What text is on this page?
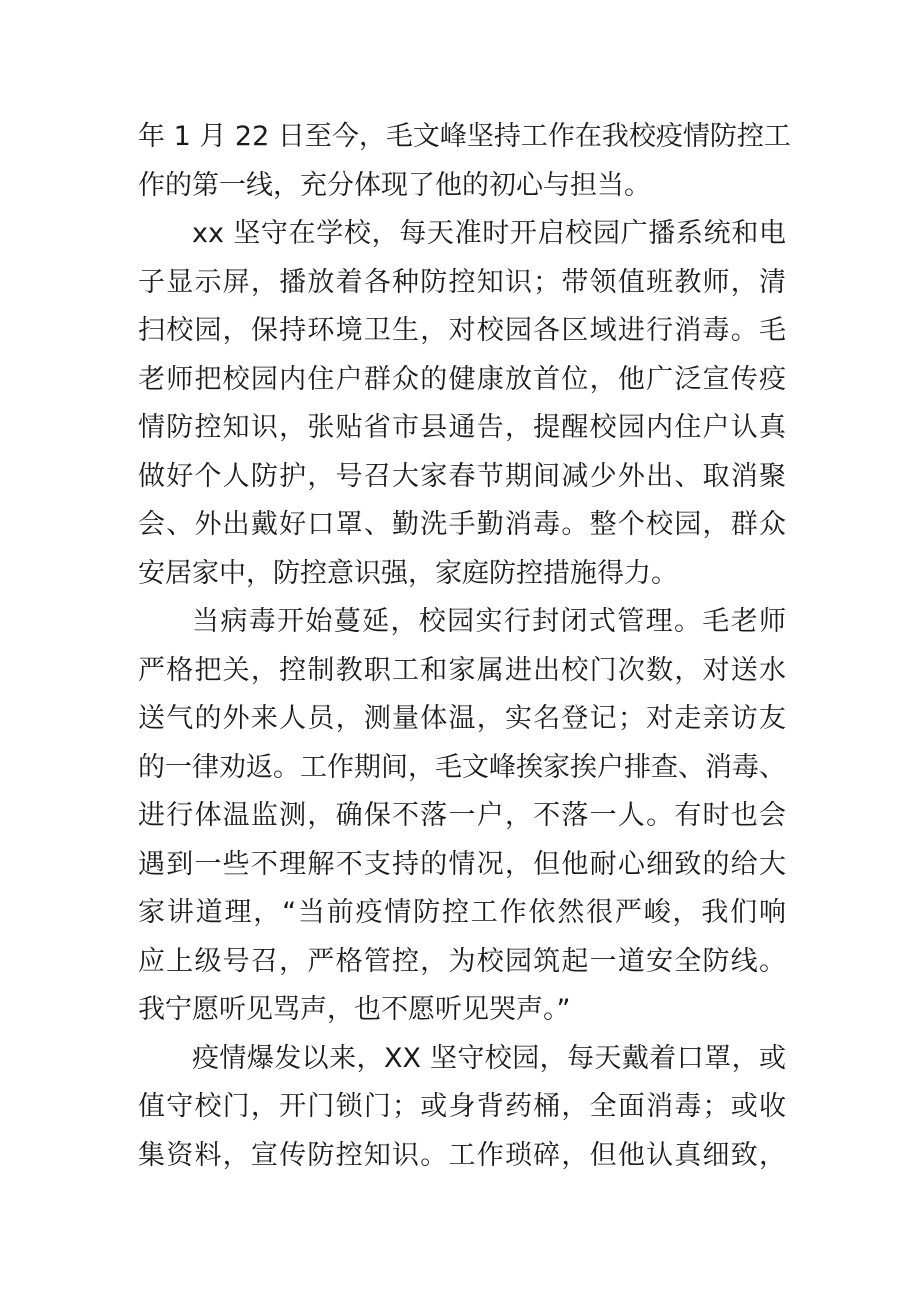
年 1 月 22 日至今，毛文峰坚持工作在我校疫情防控工
作的第一线，充分体现了他的初心与担当。
xx 坚守在学校，每天准时开启校园广播系统和电
子显示屏，播放着各种防控知识；带领值班教师，清
扫校园，保持环境卫生，对校园各区域进行消毒。毛
老师把校园内住户群众的健康放首位，他广泛宣传疫
情防控知识，张贴省市县通告，提醒校园内住户认真
做好个人防护，号召大家春节期间减少外出、取消聚
会、外出戴好口罩、勤洗手勤消毒。整个校园，群众
安居家中，防控意识强，家庭防控措施得力。
当病毒开始蔓延，校园实行封闭式管理。毛老师
严格把关，控制教职工和家属进出校门次数，对送水
送气的外来人员，测量体温，实名登记；对走亲访友
的一律劝返。工作期间，毛文峰挨家挨户排查、消毒、
进行体温监测，确保不落一户，不落一人。有时也会
遇到一些不理解不支持的情况，但他耐心细致的给大
家讲道理，“当前疫情防控工作依然很严峻，我们响
应上级号召，严格管控，为校园筑起一道安全防线。
我宁愿听见骂声，也不愿听见哭声。”
疫情爆发以来，XX 坚守校园，每天戴着口罩，或
值守校门，开门锁门；或身背药桶，全面消毒；或收
集资料，宣传防控知识。工作琐碎，但他认真细致，
